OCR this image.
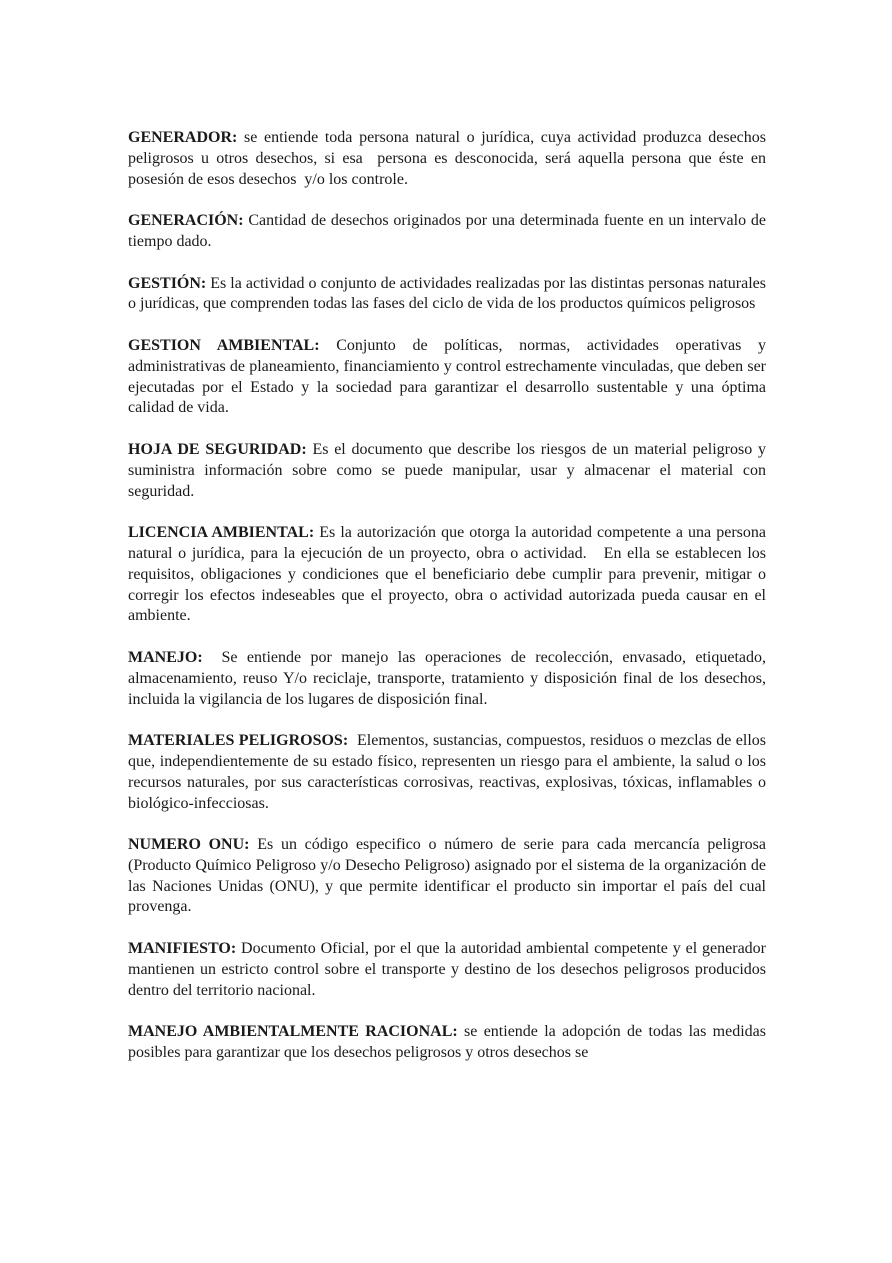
GENERADOR: se entiende toda persona natural o jurídica, cuya actividad produzca desechos peligrosos u otros desechos, si esa  persona es desconocida, será aquella persona que éste en posesión de esos desechos  y/o los controle.

GENERACIÓN: Cantidad de desechos originados por una determinada fuente en un intervalo de tiempo dado.

GESTIÓN: Es la actividad o conjunto de actividades realizadas por las distintas personas naturales o jurídicas, que comprenden todas las fases del ciclo de vida de los productos químicos peligrosos

GESTION AMBIENTAL: Conjunto de políticas, normas, actividades operativas y administrativas de planeamiento, financiamiento y control estrechamente vinculadas, que deben ser ejecutadas por el Estado y la sociedad para garantizar el desarrollo sustentable y una óptima calidad de vida.

HOJA DE SEGURIDAD: Es el documento que describe los riesgos de un material peligroso y suministra información sobre como se puede manipular, usar y almacenar el material con seguridad.

LICENCIA AMBIENTAL: Es la autorización que otorga la autoridad competente a una persona natural o jurídica, para la ejecución de un proyecto, obra o actividad.   En ella se establecen los requisitos, obligaciones y condiciones que el beneficiario debe cumplir para prevenir, mitigar o corregir los efectos indeseables que el proyecto, obra o actividad autorizada pueda causar en el ambiente.

MANEJO:  Se entiende por manejo las operaciones de recolección, envasado, etiquetado, almacenamiento, reuso Y/o reciclaje, transporte, tratamiento y disposición final de los desechos, incluida la vigilancia de los lugares de disposición final.

MATERIALES PELIGROSOS:  Elementos, sustancias, compuestos, residuos o mezclas de ellos que, independientemente de su estado físico, representen un riesgo para el ambiente, la salud o los recursos naturales, por sus características corrosivas, reactivas, explosivas, tóxicas, inflamables o biológico-infecciosas.

NUMERO ONU: Es un código especifico o número de serie para cada mercancía peligrosa (Producto Químico Peligroso y/o Desecho Peligroso) asignado por el sistema de la organización de las Naciones Unidas (ONU), y que permite identificar el producto sin importar el país del cual provenga.

MANIFIESTO: Documento Oficial, por el que la autoridad ambiental competente y el generador mantienen un estricto control sobre el transporte y destino de los desechos peligrosos producidos dentro del territorio nacional.

MANEJO AMBIENTALMENTE RACIONAL: se entiende la adopción de todas las medidas posibles para garantizar que los desechos peligrosos y otros desechos se
